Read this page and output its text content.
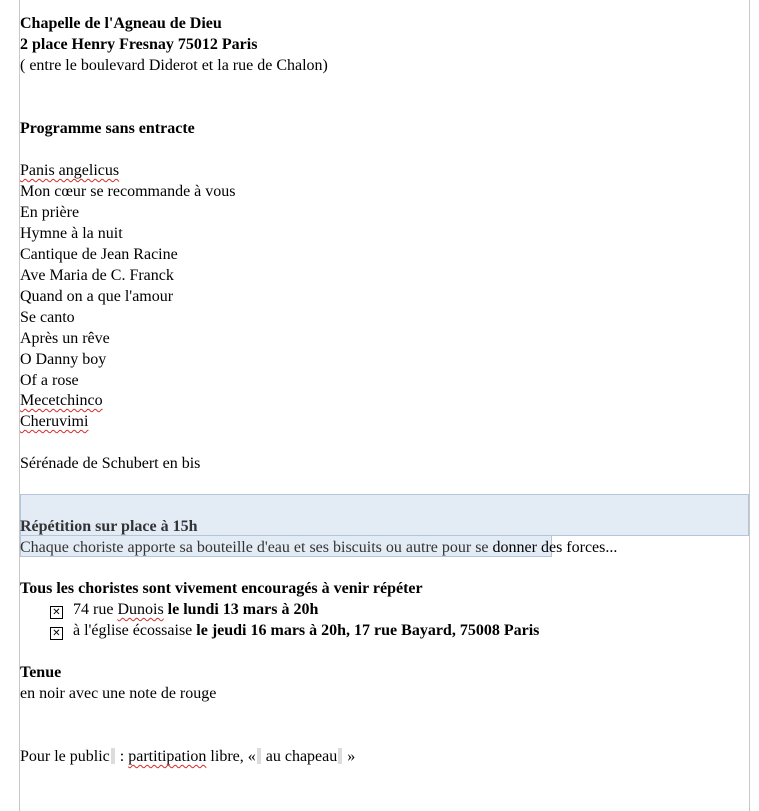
Chapelle de l'Agneau de Dieu
2 place Henry Fresnay 75012 Paris
( entre le boulevard Diderot et la rue de Chalon)
Programme sans entracte
Panis angelicus
Mon cœur se recommande à vous
En prière
Hymne à la nuit
Cantique de Jean Racine
Ave Maria de C. Franck
Quand on a que l'amour
Se canto
Après un rêve
O Danny boy
Of a rose
Mecetchinco
Cheruvimi
Sérénade de Schubert en bis
Répétition sur place à 15h
Chaque choriste apporte sa bouteille d'eau et ses biscuits ou autre pour se donner des forces...
Tous les choristes sont vivement encouragés à venir répéter
✕ 74 rue Dunois le lundi 13 mars à 20h
✕ à l'église écossaise le jeudi 16 mars à 20h, 17 rue Bayard, 75008 Paris
Tenue
en noir avec une note de rouge
Pour le public : partitipation libre, « au chapeau »
